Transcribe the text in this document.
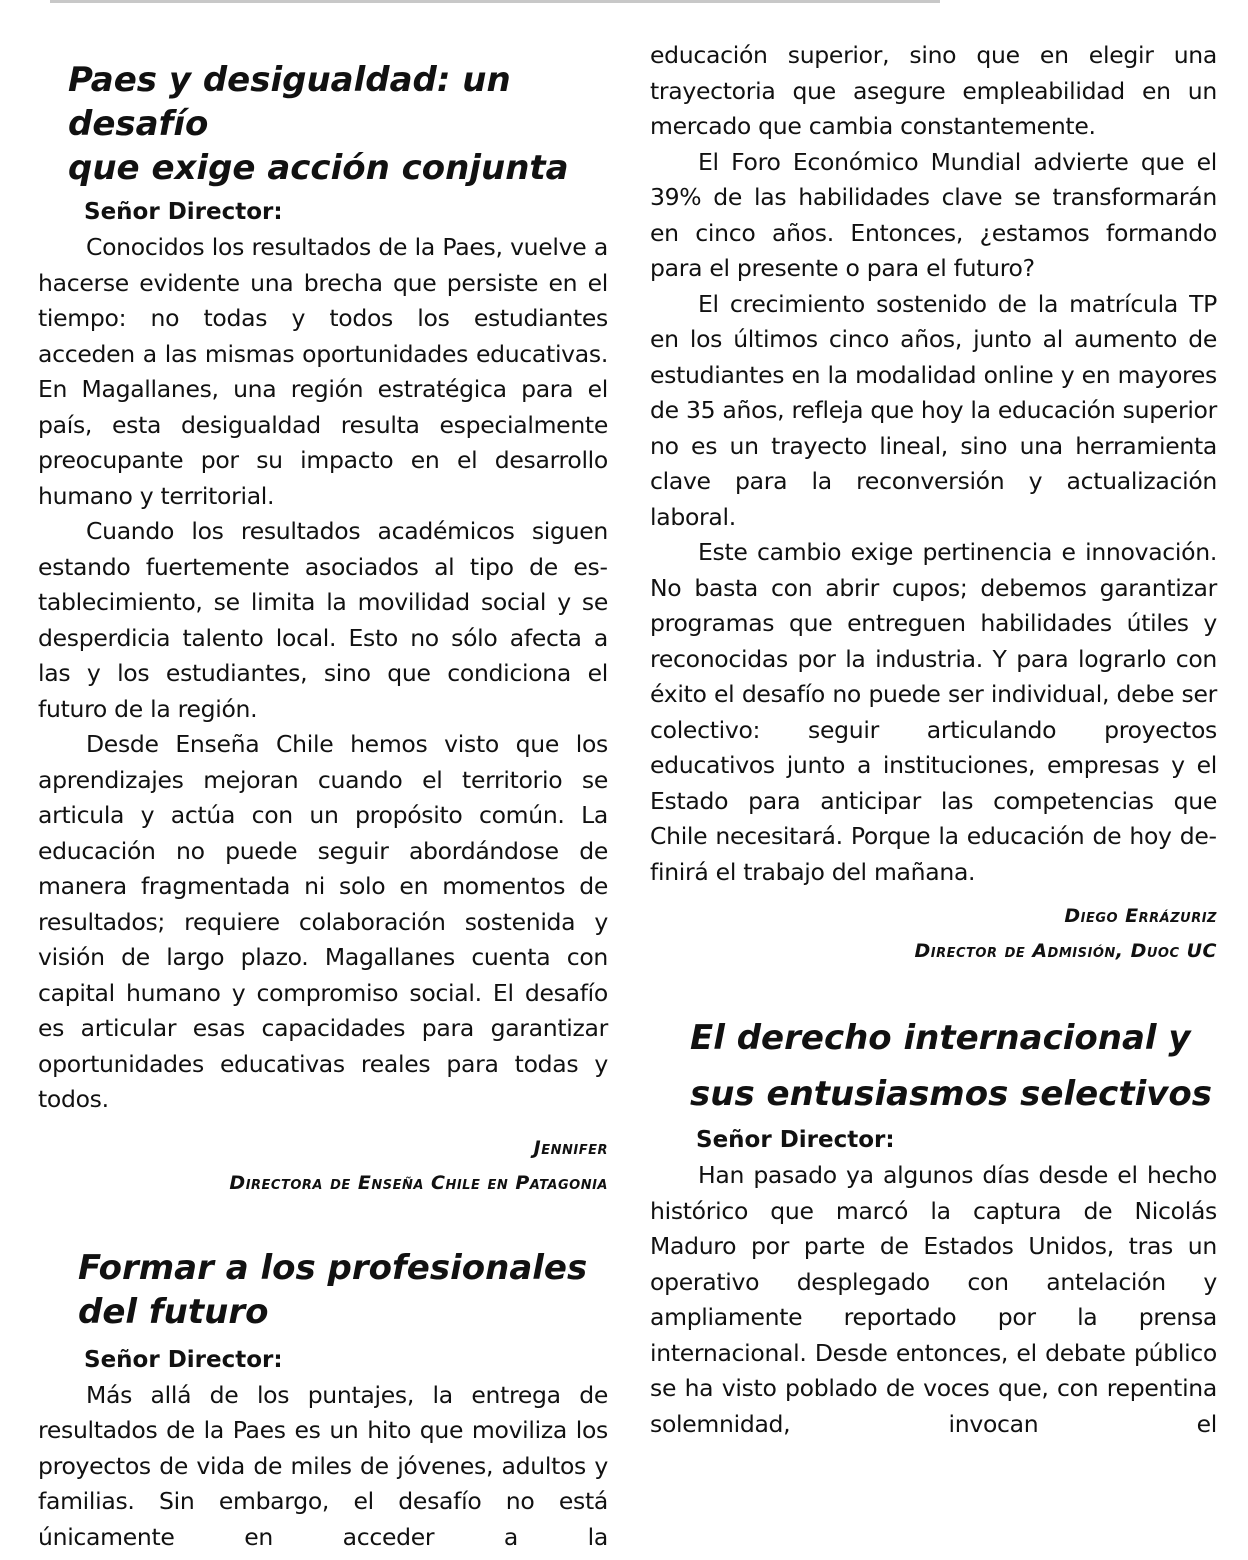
Paes y desigualdad: un desafío
que exige acción conjunta
Señor Director:

Conocidos los resultados de la Paes, vuelve a hacerse evidente una brecha que persiste en el tiempo: no todas y todos los estudiantes acceden a las mismas oportunidades educativas. En Magallanes, una región estratégica para el país, esta desigualdad resulta especialmente preocupante por su impacto en el desarrollo humano y territorial.

Cuando los resultados académicos siguen estando fuertemente asociados al tipo de establecimiento, se limita la movilidad social y se desperdicia talento local. Esto no sólo afecta a las y los estudiantes, sino que condiciona el futuro de la región.

Desde Enseña Chile hemos visto que los aprendizajes mejoran cuando el territorio se articula y actúa con un propósito común. La educación no puede seguir abordándose de manera fragmentada ni solo en momentos de resultados; requiere colaboración sostenida y visión de largo plazo. Magallanes cuenta con capital humano y compromiso social. El desafío es articular esas capacidades para garantizar oportunidades educativas reales para todas y todos.

Jennifer
Directora de Enseña Chile en Patagonia
Formar a los profesionales
del futuro
Señor Director:

Más allá de los puntajes, la entrega de resultados de la Paes es un hito que moviliza los proyectos de vida de miles de jóvenes, adultos y familias. Sin embargo, el desafío no está únicamente en acceder a la

educación superior, sino que en elegir una trayectoria que asegure empleabilidad en un mercado que cambia constantemente.

El Foro Económico Mundial advierte que el 39% de las habilidades clave se transformarán en cinco años. Entonces, ¿estamos formando para el presente o para el futuro?

El crecimiento sostenido de la matrícula TP en los últimos cinco años, junto al aumento de estudiantes en la modalidad online y en mayores de 35 años, refleja que hoy la educación superior no es un trayecto lineal, sino una herramienta clave para la reconversión y actualización laboral.

Este cambio exige pertinencia e innovación. No basta con abrir cupos; debemos garantizar programas que entreguen habilidades útiles y reconocidas por la industria. Y para lograrlo con éxito el desafío no puede ser individual, debe ser colectivo: seguir articulando proyectos educativos junto a instituciones, empresas y el Estado para anticipar las competencias que Chile necesitará. Porque la educación de hoy definirá el trabajo del mañana.

Diego Errázuriz
Director de Admisión, Duoc UC
El derecho internacional y
sus entusiasmos selectivos
Señor Director:

Han pasado ya algunos días desde el hecho histórico que marcó la captura de Nicolás Maduro por parte de Estados Unidos, tras un operativo desplegado con antelación y ampliamente reportado por la prensa internacional. Desde entonces, el debate público se ha visto poblado de voces que, con repentina solemnidad, invocan el
